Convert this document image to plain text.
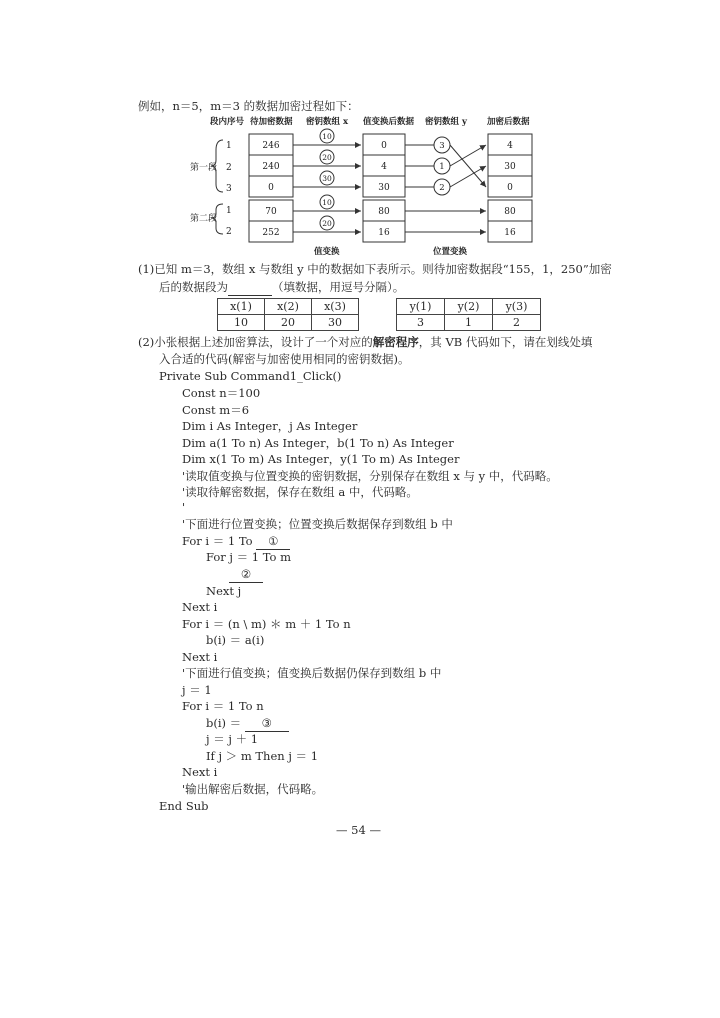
例如，n＝5，m＝3 的数据加密过程如下：
段内序号 待加密数据 密钥数组 x 值变换后数据 密钥数组 y 加密后数据
第一段
第二段
1
2
3
1
2
246
240
0
70
252
10
20
30
10
20
0
4
30
80
16
3
1
2
4
30
0
80
16
值变换	位置变换
(1)已知 m＝3，数组 x 与数组 y 中的数据如下表所示。则待加密数据段“155，1，250”加密
后的数据段为	（填数据，用逗号分隔）。
x(1)	x(2)	x(3)
10	20	30
y(1)	y(2)	y(3)
3	1	2
(2)小张根据上述加密算法，设计了一个对应的解密程序，其 VB 代码如下，请在划线处填
入合适的代码(解密与加密使用相同的密钥数据)。
Private Sub Command1_Click()
Const n＝100
Const m＝6
Dim i As Integer，j As Integer
Dim a(1 To n) As Integer，b(1 To n) As Integer
Dim x(1 To m) As Integer，y(1 To m) As Integer
'读取值变换与位置变换的密钥数据，分别保存在数组 x 与 y 中，代码略。
'读取待解密数据，保存在数组 a 中，代码略。
'
'下面进行位置变换；位置变换后数据保存到数组 b 中
For i ＝ 1 To ①
For j ＝ 1 To m
②
Next j
Next i
For i ＝ (n \ m) ＊ m ＋ 1 To n
b(i) ＝ a(i)
Next i
'下面进行值变换；值变换后数据仍保存到数组 b 中
j ＝ 1
For i ＝ 1 To n
b(i) ＝ ③
j ＝ j ＋ 1
If j ＞ m Then j ＝ 1
Next i
'输出解密后数据，代码略。
End Sub
— 54 —
